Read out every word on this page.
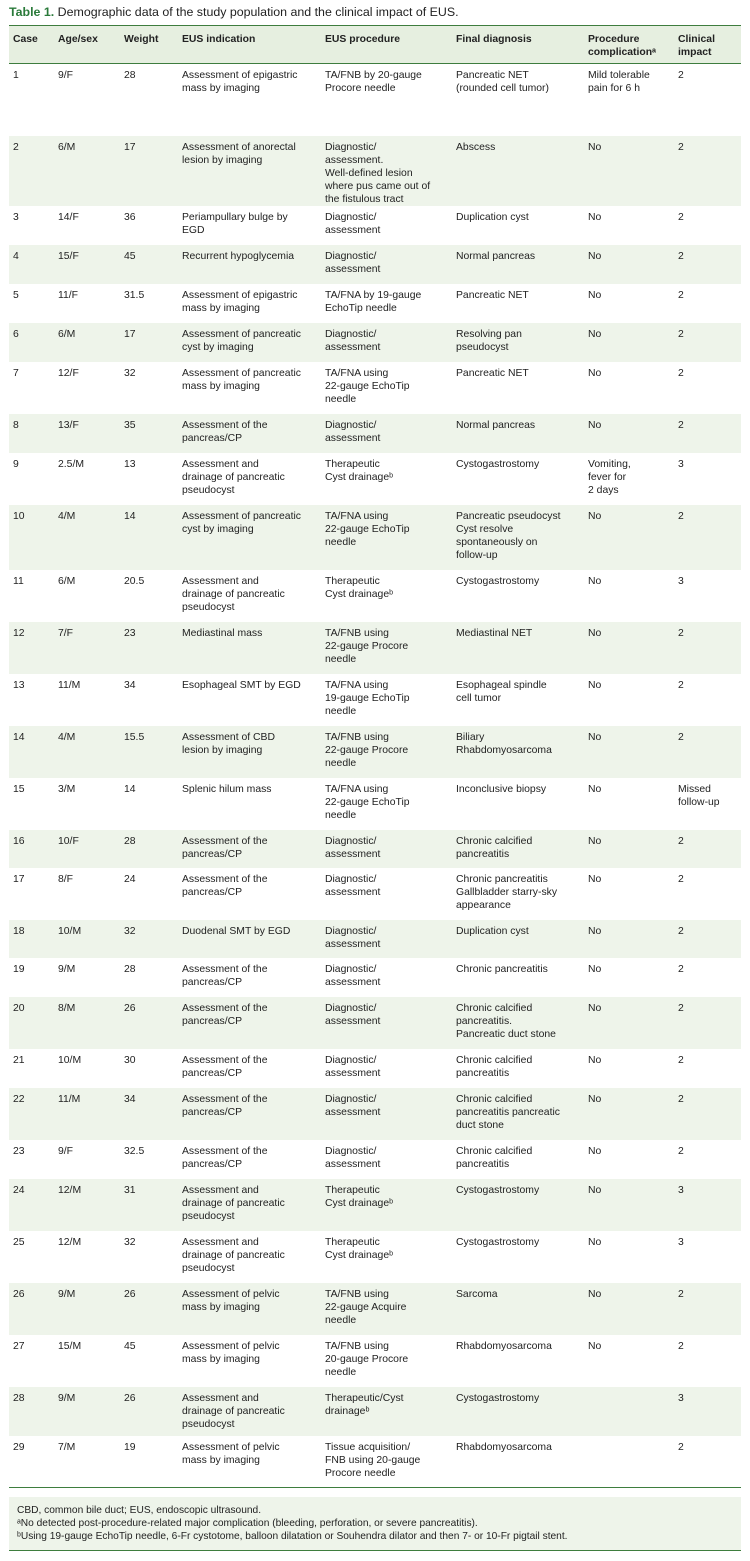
Table 1. Demographic data of the study population and the clinical impact of EUS.
Case	Age/sex	Weight	EUS indication	EUS procedure	Final diagnosis	Procedure
complicationᵃ	Clinical
impact

1	9/F	28	Assessment of epigastric
mass by imaging	TA/FNB by 20-gauge
Procore needle	Pancreatic NET
(rounded cell tumor)	Mild tolerable
pain for 6 h	2

2	6/M	17	Assessment of anorectal
lesion by imaging	Diagnostic/
assessment.
Well-defined lesion
where pus came out of
the fistulous tract	Abscess	No	2

3	14/F	36	Periampullary bulge by
EGD	Diagnostic/
assessment	Duplication cyst	No	2

4	15/F	45	Recurrent hypoglycemia	Diagnostic/
assessment	Normal pancreas	No	2

5	11/F	31.5	Assessment of epigastric
mass by imaging	TA/FNA by 19-gauge
EchoTip needle	Pancreatic NET	No	2

6	6/M	17	Assessment of pancreatic
cyst by imaging	Diagnostic/
assessment	Resolving pan
pseudocyst	No	2

7	12/F	32	Assessment of pancreatic
mass by imaging	TA/FNA using
22-gauge EchoTip
needle	Pancreatic NET	No	2

8	13/F	35	Assessment of the
pancreas/CP	Diagnostic/
assessment	Normal pancreas	No	2

9	2.5/M	13	Assessment and
drainage of pancreatic
pseudocyst	Therapeutic
Cyst drainageᵇ	Cystogastrostomy	Vomiting,
fever for
2 days	3

10	4/M	14	Assessment of pancreatic
cyst by imaging	TA/FNA using
22-gauge EchoTip
needle	Pancreatic pseudocyst
Cyst resolve
spontaneously on
follow-up	No	2

11	6/M	20.5	Assessment and
drainage of pancreatic
pseudocyst	Therapeutic
Cyst drainageᵇ	Cystogastrostomy	No	3

12	7/F	23	Mediastinal mass	TA/FNB using
22-gauge Procore
needle	Mediastinal NET	No	2

13	11/M	34	Esophageal SMT by EGD	TA/FNA using
19-gauge EchoTip
needle	Esophageal spindle
cell tumor	No	2

14	4/M	15.5	Assessment of CBD
lesion by imaging	TA/FNB using
22-gauge Procore
needle	Biliary
Rhabdomyosarcoma	No	2

15	3/M	14	Splenic hilum mass	TA/FNA using
22-gauge EchoTip
needle	Inconclusive biopsy	No	Missed
follow-up

16	10/F	28	Assessment of the
pancreas/CP	Diagnostic/
assessment	Chronic calcified
pancreatitis	No	2

17	8/F	24	Assessment of the
pancreas/CP	Diagnostic/
assessment	Chronic pancreatitis
Gallbladder starry-sky
appearance	No	2

18	10/M	32	Duodenal SMT by EGD	Diagnostic/
assessment	Duplication cyst	No	2

19	9/M	28	Assessment of the
pancreas/CP	Diagnostic/
assessment	Chronic pancreatitis	No	2

20	8/M	26	Assessment of the
pancreas/CP	Diagnostic/
assessment	Chronic calcified
pancreatitis.
Pancreatic duct stone	No	2

21	10/M	30	Assessment of the
pancreas/CP	Diagnostic/
assessment	Chronic calcified
pancreatitis	No	2

22	11/M	34	Assessment of the
pancreas/CP	Diagnostic/
assessment	Chronic calcified
pancreatitis pancreatic
duct stone	No	2

23	9/F	32.5	Assessment of the
pancreas/CP	Diagnostic/
assessment	Chronic calcified
pancreatitis	No	2

24	12/M	31	Assessment and
drainage of pancreatic
pseudocyst	Therapeutic
Cyst drainageᵇ	Cystogastrostomy	No	3

25	12/M	32	Assessment and
drainage of pancreatic
pseudocyst	Therapeutic
Cyst drainageᵇ	Cystogastrostomy	No	3

26	9/M	26	Assessment of pelvic
mass by imaging	TA/FNB using
22-gauge Acquire
needle	Sarcoma	No	2

27	15/M	45	Assessment of pelvic
mass by imaging	TA/FNB using
20-gauge Procore
needle	Rhabdomyosarcoma	No	2

28	9/M	26	Assessment and
drainage of pancreatic
pseudocyst	Therapeutic/Cyst
drainageᵇ	Cystogastrostomy		3

29	7/M	19	Assessment of pelvic
mass by imaging	Tissue acquisition/
FNB using 20-gauge
Procore needle	Rhabdomyosarcoma		2
CBD, common bile duct; EUS, endoscopic ultrasound.
ᵃNo detected post-procedure-related major complication (bleeding, perforation, or severe pancreatitis).
ᵇUsing 19-gauge EchoTip needle, 6-Fr cystotome, balloon dilatation or Souhendra dilator and then 7- or 10-Fr pigtail stent.
